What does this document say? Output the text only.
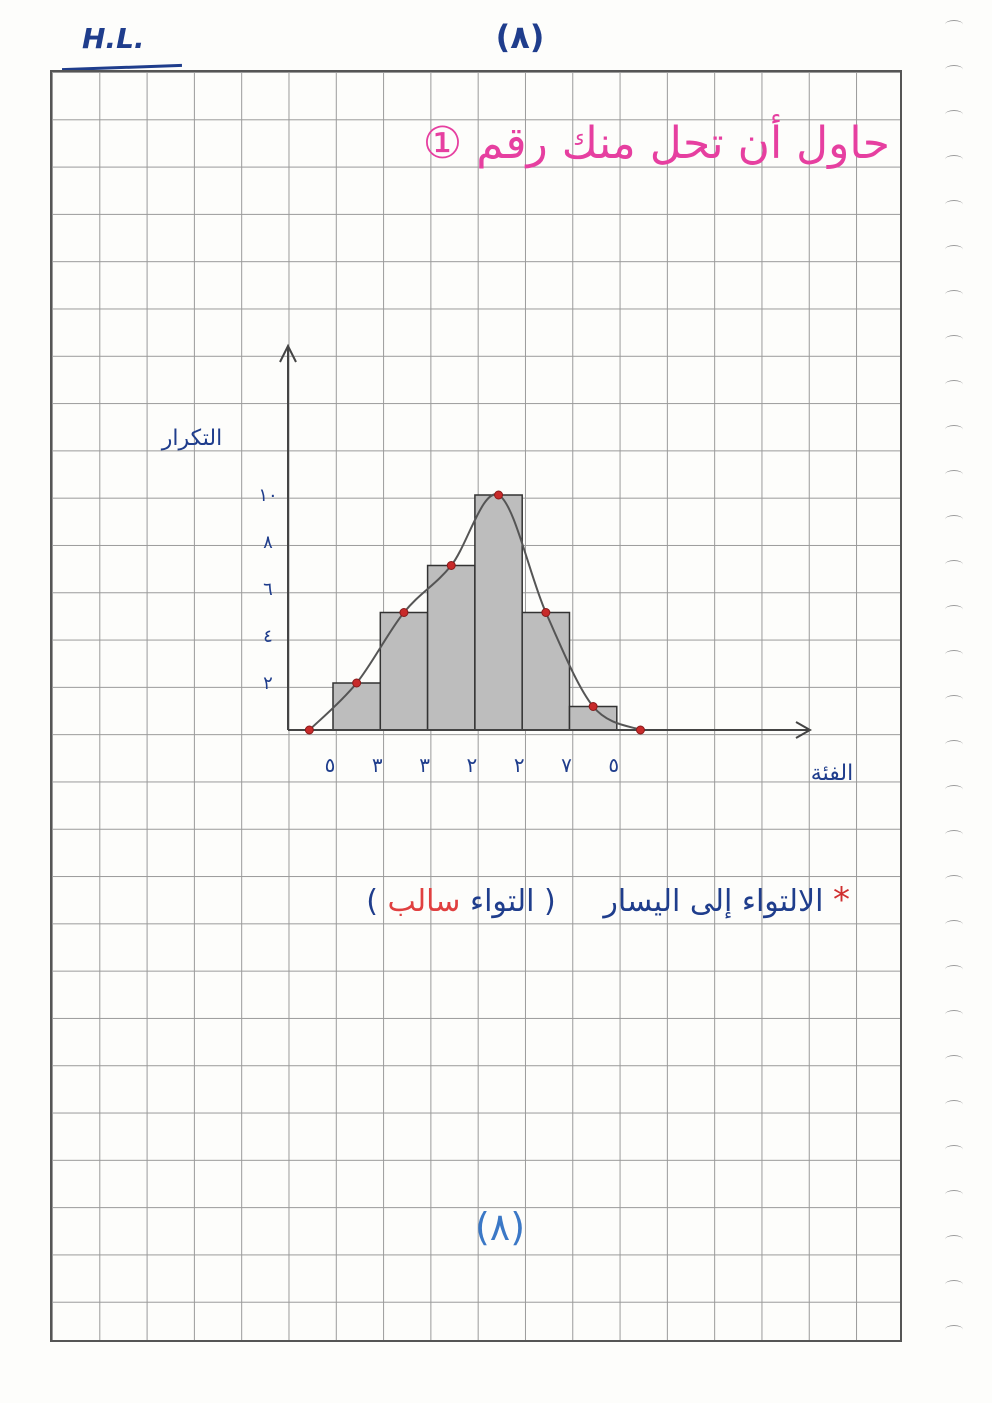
H.L.	(٨)
حاول أن تحل منك رقم ①
٢
٤
٦
٨
١٠
٥ ٣ ٣ ٢ ٢ ٧ ٥
التكرار
الفئة
* الالتواء إلى اليسار     ( التواء سالب )
(٨)
